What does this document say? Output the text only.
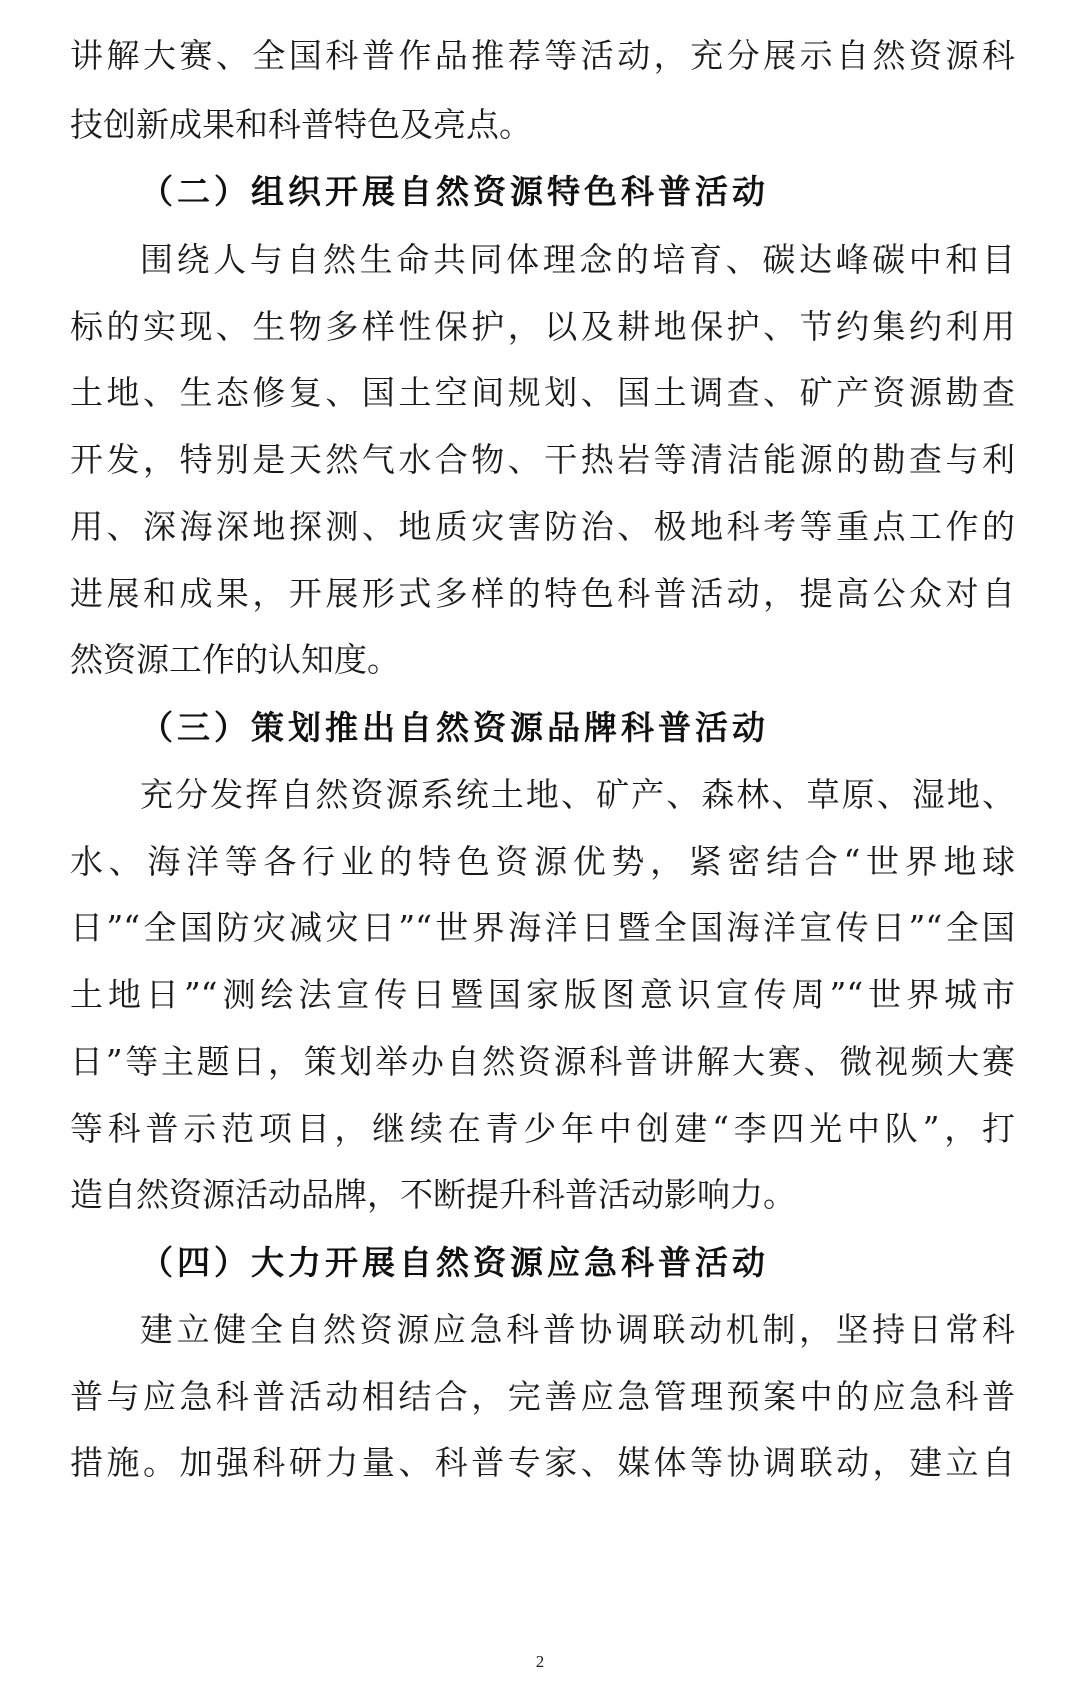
讲解大赛、全国科普作品推荐等活动，充分展示自然资源科
技创新成果和科普特色及亮点。
（二）组织开展自然资源特色科普活动
围绕人与自然生命共同体理念的培育、碳达峰碳中和目
标的实现、生物多样性保护，以及耕地保护、节约集约利用
土地、生态修复、国土空间规划、国土调查、矿产资源勘查
开发，特别是天然气水合物、干热岩等清洁能源的勘查与利
用、深海深地探测、地质灾害防治、极地科考等重点工作的
进展和成果，开展形式多样的特色科普活动，提高公众对自
然资源工作的认知度。
（三）策划推出自然资源品牌科普活动
充分发挥自然资源系统土地、矿产、森林、草原、湿地、
水、海洋等各行业的特色资源优势，紧密结合“世界地球
日”“全国防灾减灾日”“世界海洋日暨全国海洋宣传日”“全国
土地日”“测绘法宣传日暨国家版图意识宣传周”“世界城市
日”等主题日，策划举办自然资源科普讲解大赛、微视频大赛
等科普示范项目，继续在青少年中创建“李四光中队”，打
造自然资源活动品牌，不断提升科普活动影响力。
（四）大力开展自然资源应急科普活动
建立健全自然资源应急科普协调联动机制，坚持日常科
普与应急科普活动相结合，完善应急管理预案中的应急科普
措施。加强科研力量、科普专家、媒体等协调联动，建立自
2
